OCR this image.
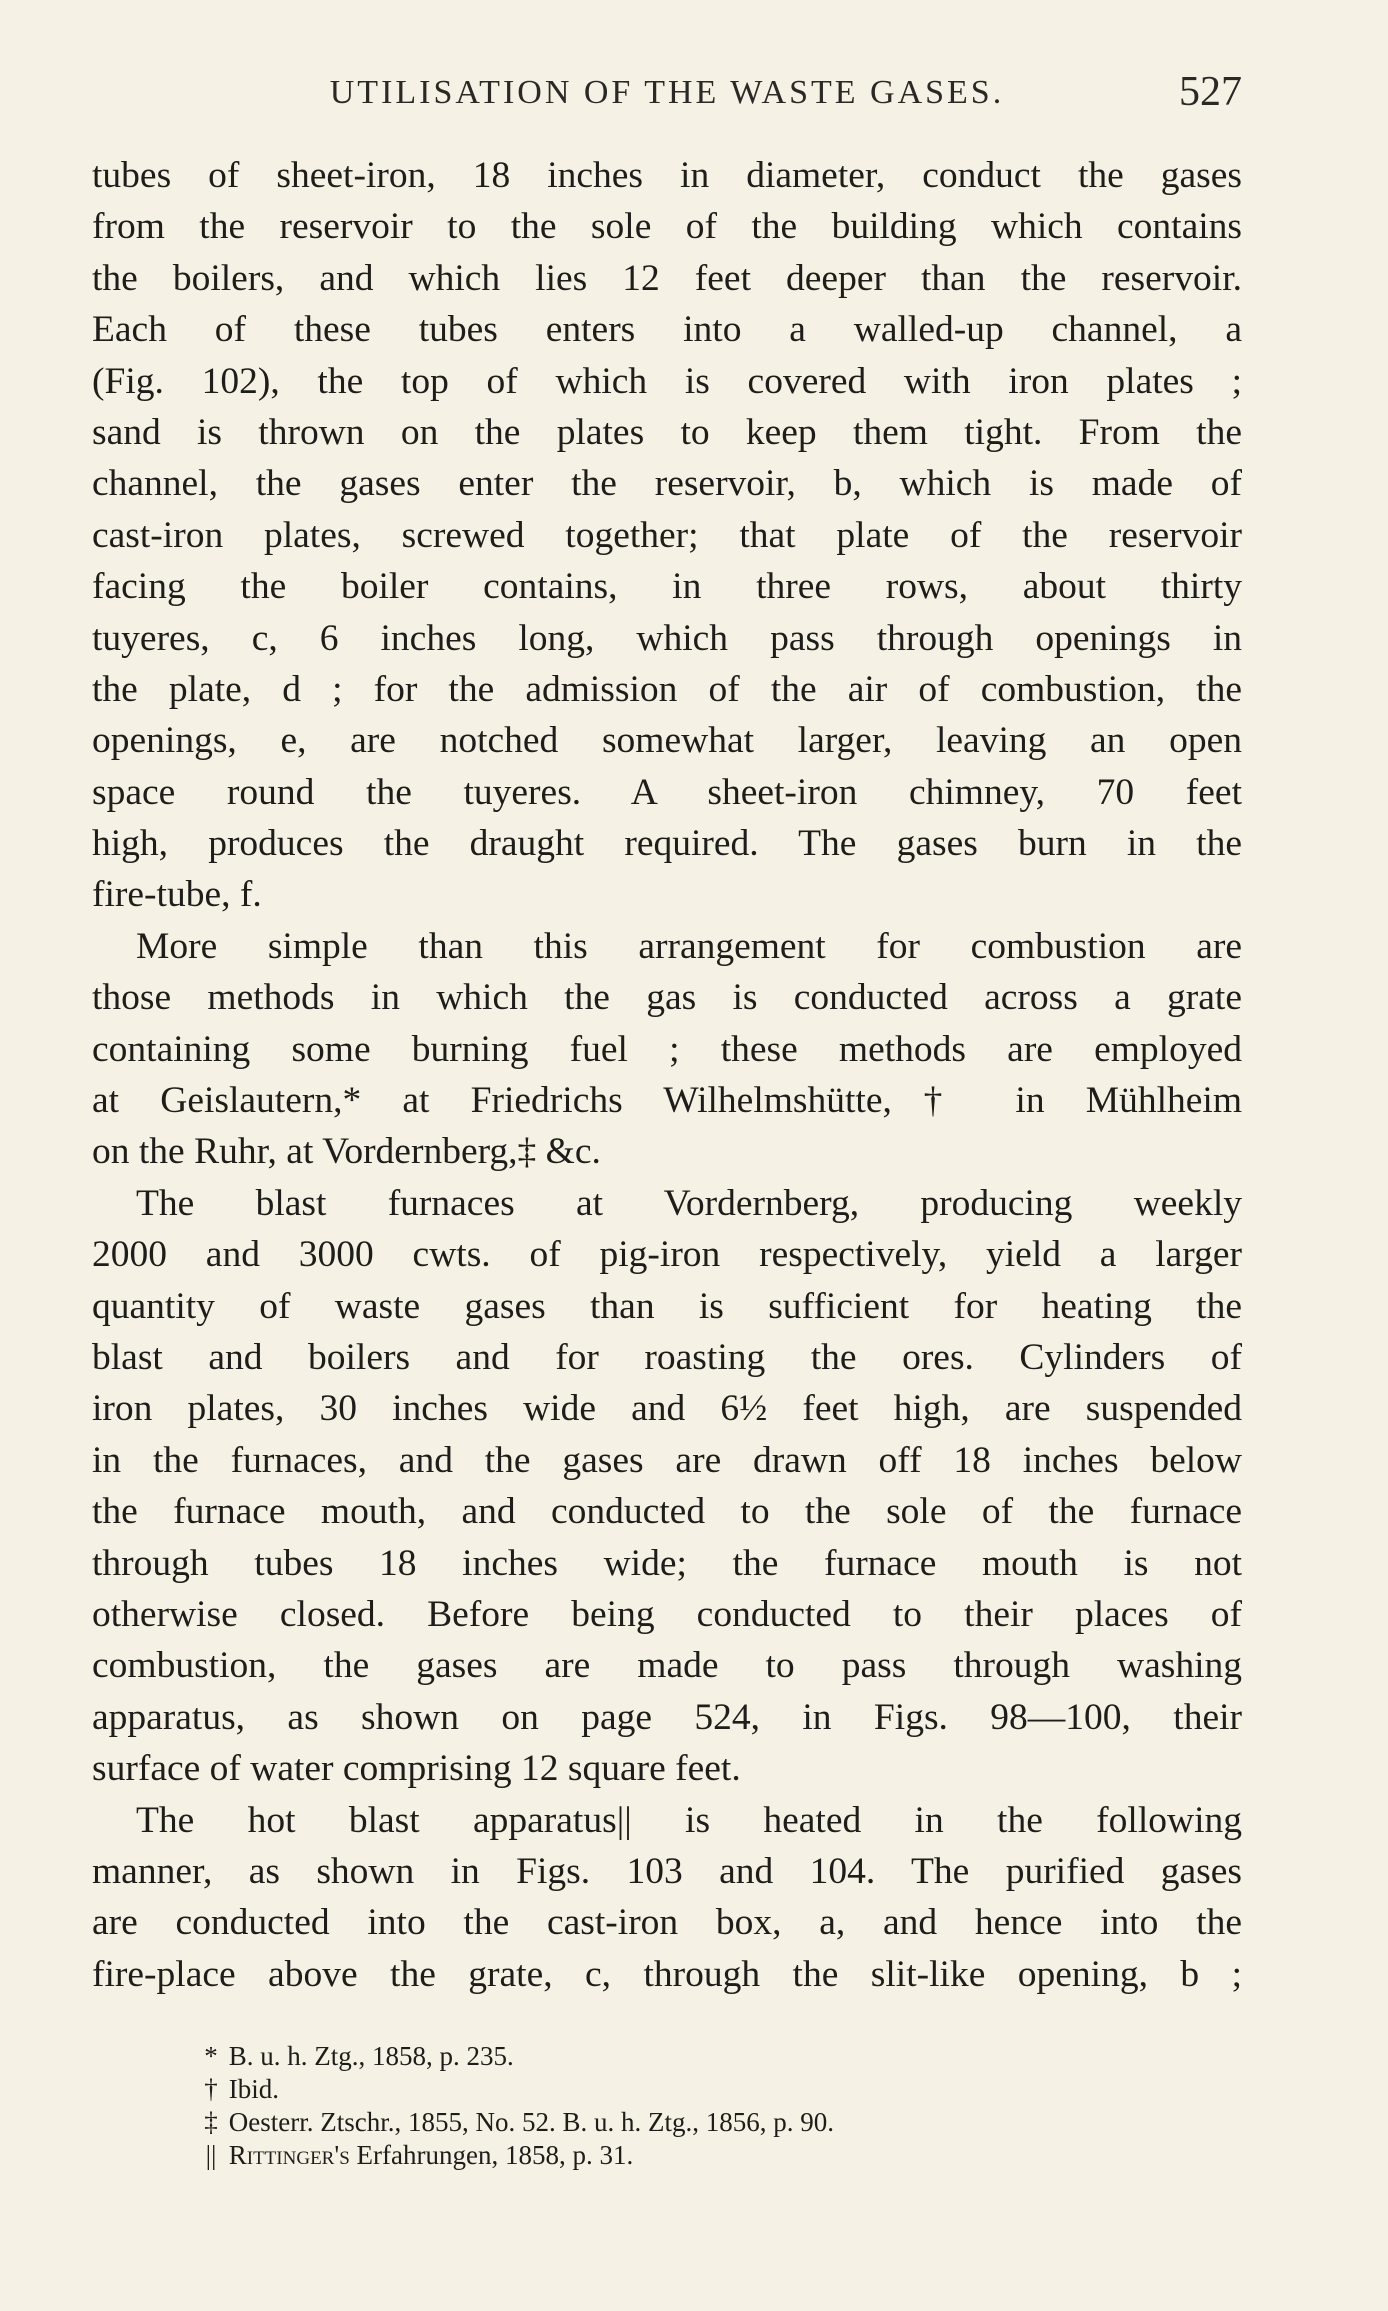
UTILISATION OF THE WASTE GASES.	527
tubes of sheet-iron, 18 inches in diameter, conduct the gases
from the reservoir to the sole of the building which contains
the boilers, and which lies 12 feet deeper than the reservoir.
Each of these tubes enters into a walled-up channel, a
(Fig. 102), the top of which is covered with iron plates ;
sand is thrown on the plates to keep them tight. From the
channel, the gases enter the reservoir, b, which is made of
cast-iron plates, screwed together; that plate of the reservoir
facing the boiler contains, in three rows, about thirty
tuyeres, c, 6 inches long, which pass through openings in
the plate, d ; for the admission of the air of combustion, the
openings, e, are notched somewhat larger, leaving an open
space round the tuyeres. A sheet-iron chimney, 70 feet
high, produces the draught required. The gases burn in the
fire-tube, f.
More simple than this arrangement for combustion are
those methods in which the gas is conducted across a grate
containing some burning fuel ; these methods are employed
at Geislautern,* at Friedrichs Wilhelmshütte,† in Mühlheim
on the Ruhr, at Vordernberg,‡ &c.
The blast furnaces at Vordernberg, producing weekly
2000 and 3000 cwts. of pig-iron respectively, yield a larger
quantity of waste gases than is sufficient for heating the
blast and boilers and for roasting the ores. Cylinders of
iron plates, 30 inches wide and 6½ feet high, are suspended
in the furnaces, and the gases are drawn off 18 inches below
the furnace mouth, and conducted to the sole of the furnace
through tubes 18 inches wide; the furnace mouth is not
otherwise closed. Before being conducted to their places of
combustion, the gases are made to pass through washing
apparatus, as shown on page 524, in Figs. 98—100, their
surface of water comprising 12 square feet.
The hot blast apparatus|| is heated in the following
manner, as shown in Figs. 103 and 104. The purified gases
are conducted into the cast-iron box, a, and hence into the
fire-place above the grate, c, through the slit-like opening, b ;
* B. u. h. Ztg., 1858, p. 235.
† Ibid.
‡ Oesterr. Ztschr., 1855, No. 52. B. u. h. Ztg., 1856, p. 90.
|| Rittinger's Erfahrungen, 1858, p. 31.
